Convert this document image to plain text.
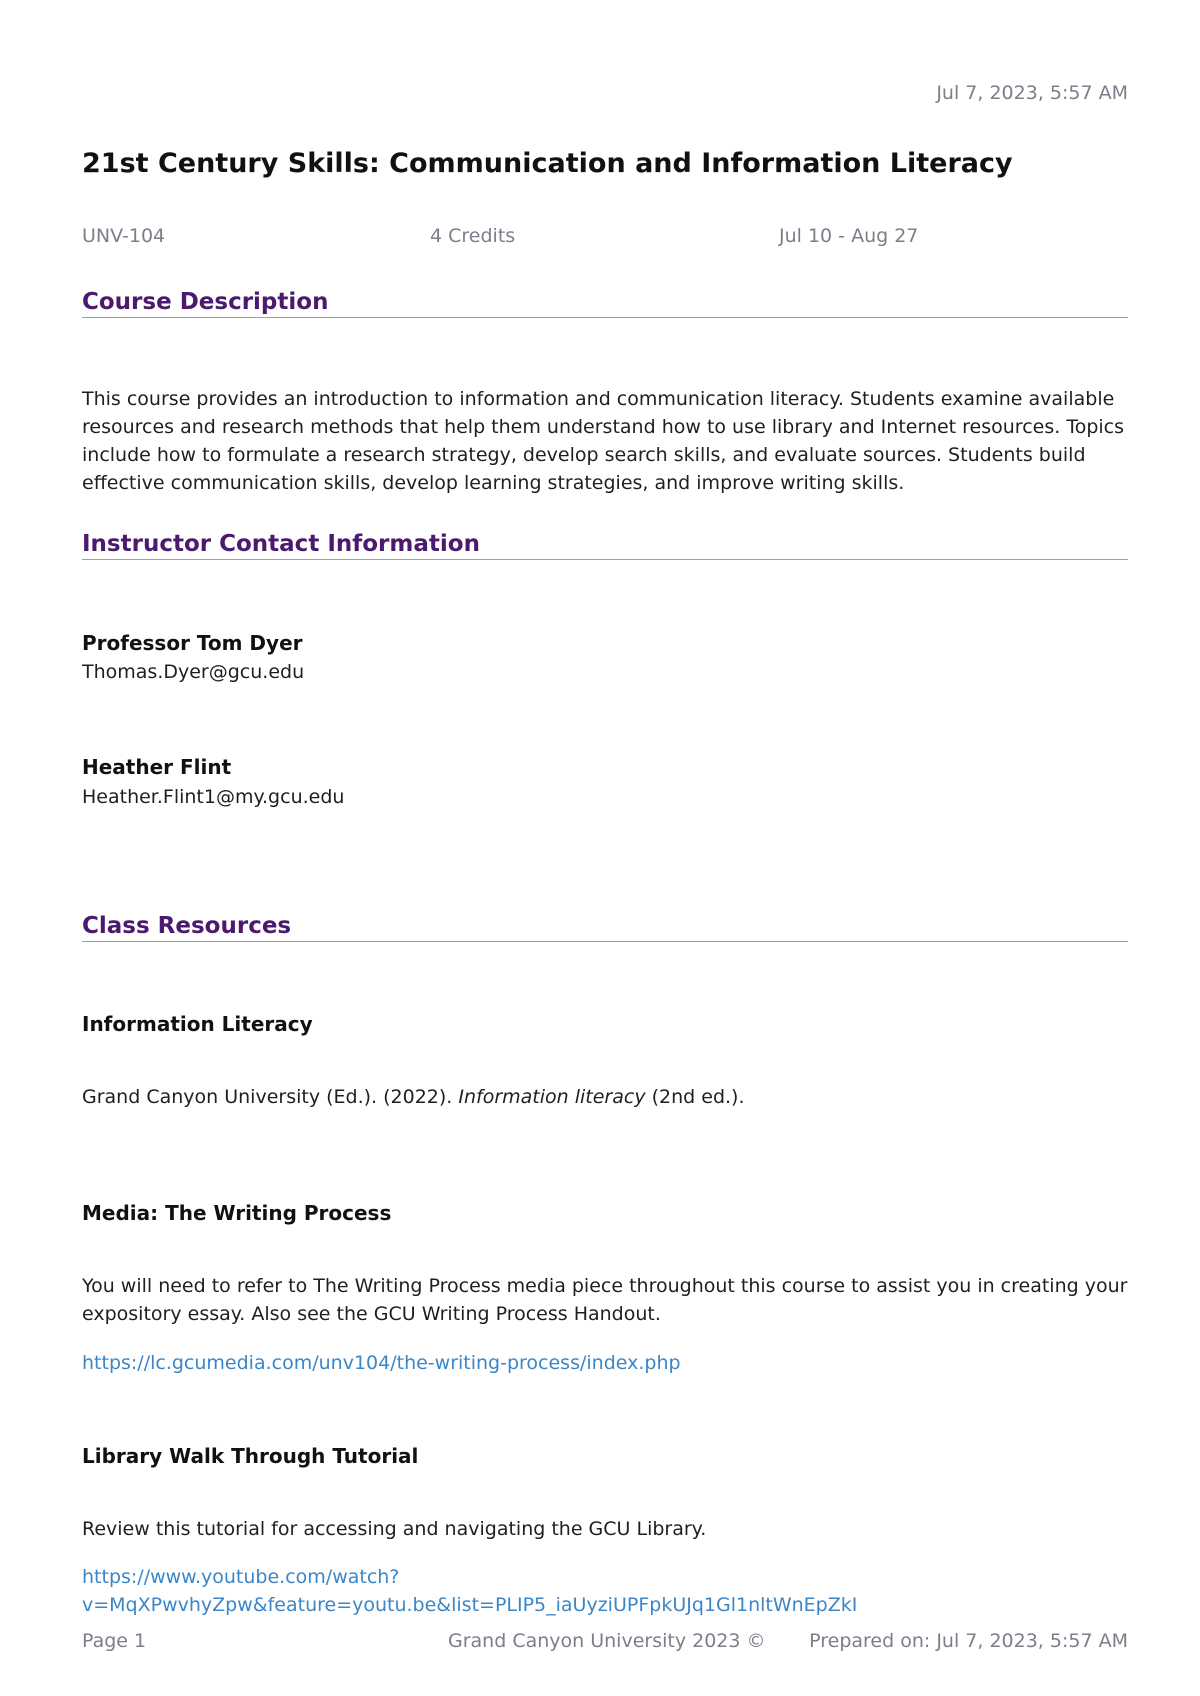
Jul 7, 2023, 5:57 AM
21st Century Skills: Communication and Information Literacy
UNV-104	4 Credits	Jul 10 - Aug 27
Course Description

This course provides an introduction to information and communication literacy. Students examine available resources and research methods that help them understand how to use library and Internet resources. Topics include how to formulate a research strategy, develop search skills, and evaluate sources. Students build effective communication skills, develop learning strategies, and improve writing skills.

Instructor Contact Information

Professor Tom Dyer

Thomas.Dyer@gcu.edu

Heather Flint

Heather.Flint1@my.gcu.edu

Class Resources

Information Literacy

Grand Canyon University (Ed.). (2022). Information literacy (2nd ed.).

Media: The Writing Process

You will need to refer to The Writing Process media piece throughout this course to assist you in creating your expository essay. Also see the GCU Writing Process Handout.

https://lc.gcumedia.com/unv104/the-writing-process/index.php

Library Walk Through Tutorial

Review this tutorial for accessing and navigating the GCU Library.

https://www.youtube.com/watch?
v=MqXPwvhyZpw&feature=youtu.be&list=PLIP5_iaUyziUPFpkUJq1Gl1nltWnEpZkI
Page 1	Grand Canyon University 2023 © Prepared on: Jul 7, 2023, 5:57 AM
